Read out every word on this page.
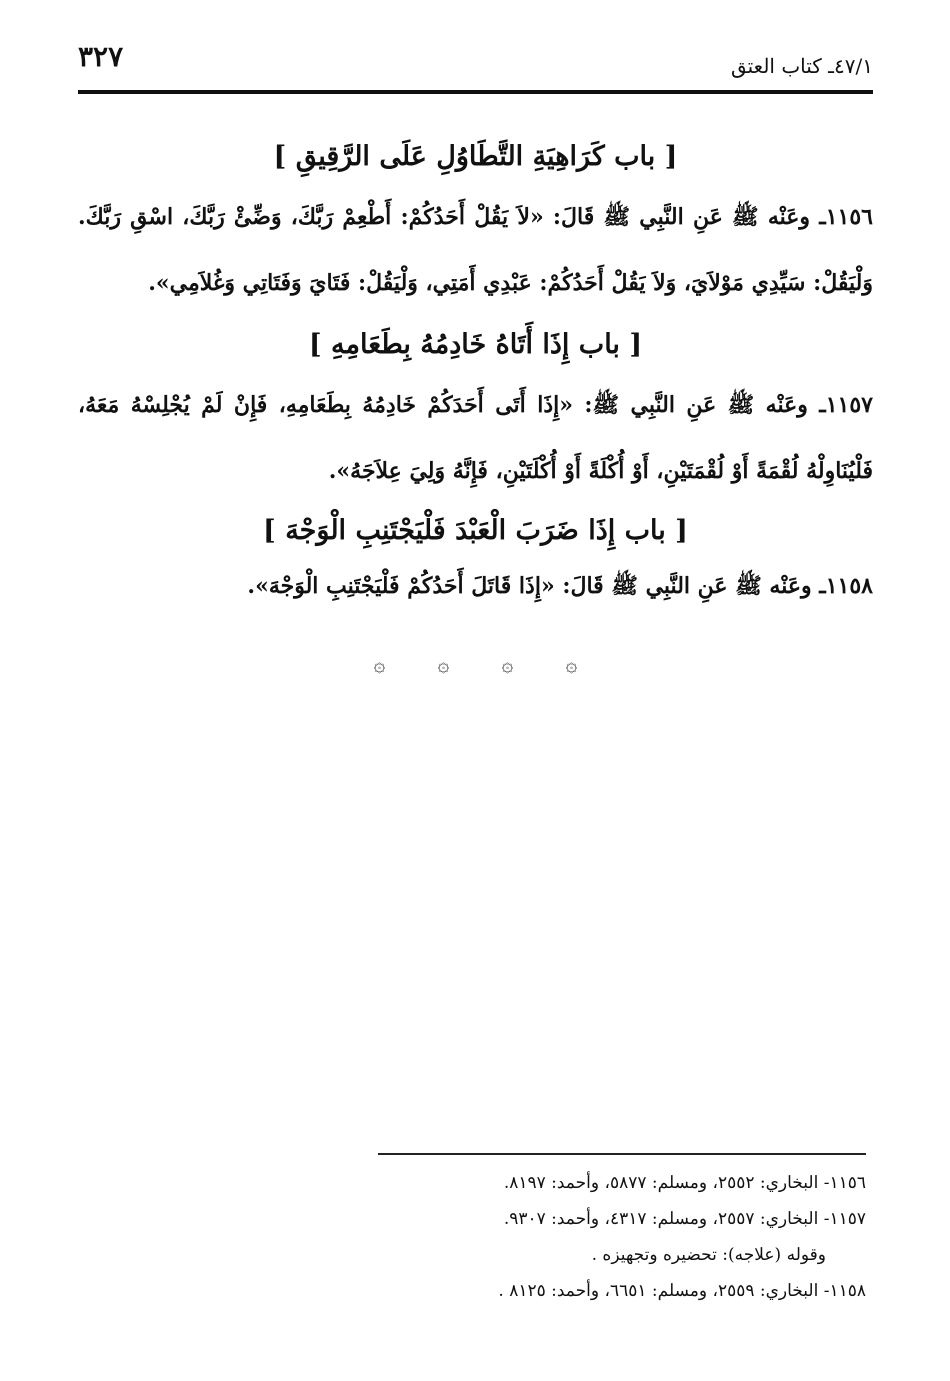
٣٢٧	٤٧/١ـ كتاب العتق
[ باب كَرَاهِيَةِ التَّطَاوُلِ عَلَى الرَّقِيقِ ]

١١٥٦ـ وعَنْه ﷺ عَنِ النَّبِي ﷺ قَالَ: «لاَ يَقُلْ أَحَدُكُمْ: أَطْعِمْ رَبَّكَ، وَضِّئْ رَبَّكَ، اسْقِ رَبَّكَ. وَلْيَقُلْ: سَيِّدِي مَوْلاَيَ، وَلاَ يَقُلْ أَحَدُكُمْ: عَبْدِي أَمَتِي، وَلْيَقُلْ: فَتَايَ وَفَتَاتِي وَغُلاَمِي».

[ باب إِذَا أَتَاهُ خَادِمُهُ بِطَعَامِهِ ]

١١٥٧ـ وعَنْه ﷺ عَنِ النَّبِي ﷺ: «إِذَا أَتَى أَحَدَكُمْ خَادِمُهُ بِطَعَامِهِ، فَإِنْ لَمْ يُجْلِسْهُ مَعَهُ، فَلْيُنَاوِلْهُ لُقْمَةً أَوْ لُقْمَتَيْنِ، أَوْ أُكْلَةً أَوْ أُكْلَتَيْنِ، فَإِنَّهُ وَلِيَ عِلاَجَهُ».

[ باب إِذَا ضَرَبَ الْعَبْدَ فَلْيَجْتَنِبِ الْوَجْهَ ]

١١٥٨ـ وعَنْه ﷺ عَنِ النَّبِي ﷺ قَالَ: «إِذَا قَاتَلَ أَحَدُكُمْ فَلْيَجْتَنِبِ الْوَجْهَ».

۞	۞	۞	۞

١١٥٦- البخاري: ٢٥٥٢، ومسلم: ٥٨٧٧، وأحمد: ٨١٩٧.

١١٥٧- البخاري: ٢٥٥٧، ومسلم: ٤٣١٧، وأحمد: ٩٣٠٧.

وقوله (علاجه): تحضيره وتجهيزه .

١١٥٨- البخاري: ٢٥٥٩، ومسلم: ٦٦٥١، وأحمد: ٨١٢٥ .
